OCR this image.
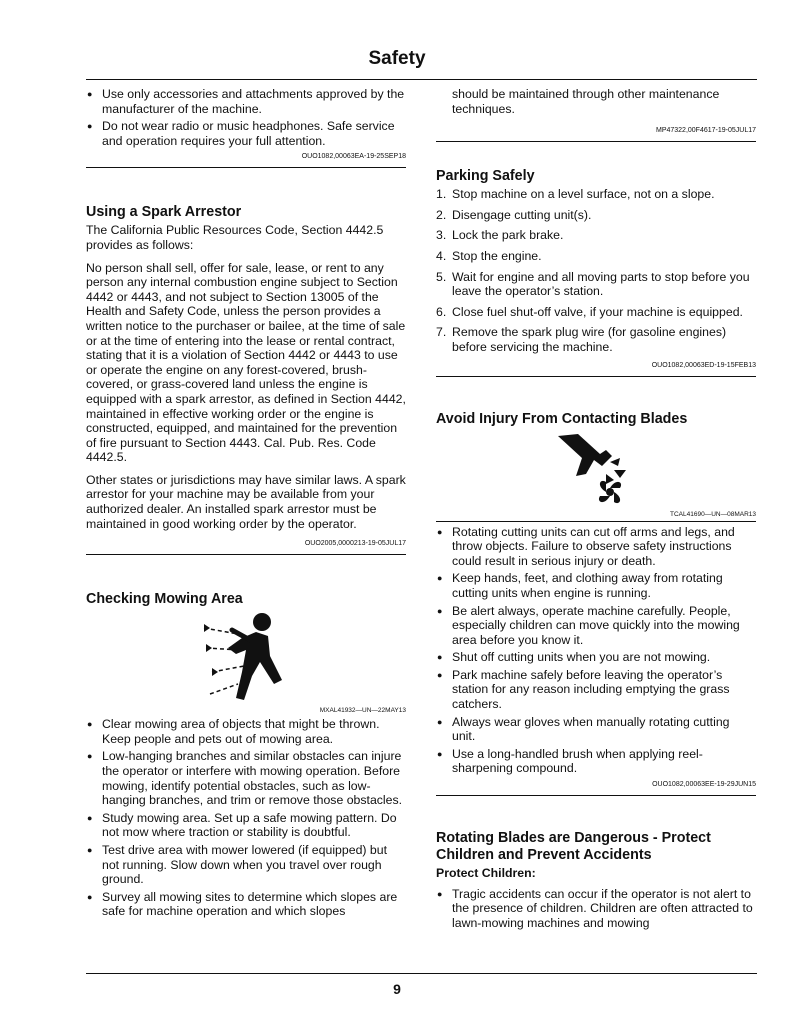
Safety
● Use only accessories and attachments approved by the manufacturer of the machine.
● Do not wear radio or music headphones. Safe service and operation requires your full attention.
OUO1082,00063EA-19-25SEP18
Using a Spark Arrestor

The California Public Resources Code, Section 4442.5 provides as follows:

No person shall sell, offer for sale, lease, or rent to any person any internal combustion engine subject to Section 4442 or 4443, and not subject to Section 13005 of the Health and Safety Code, unless the person provides a written notice to the purchaser or bailee, at the time of sale or at the time of entering into the lease or rental contract, stating that it is a violation of Section 4442 or 4443 to use or operate the engine on any forest-covered, brush-covered, or grass-covered land unless the engine is equipped with a spark arrestor, as defined in Section 4442, maintained in effective working order or the engine is constructed, equipped, and maintained for the prevention of fire pursuant to Section 4443. Cal. Pub. Res. Code 4442.5.

Other states or jurisdictions may have similar laws. A spark arrestor for your machine may be available from your authorized dealer. An installed spark arrestor must be maintained in good working order by the operator.

OUO2005,0000213-19-05JUL17
Checking Mowing Area
MXAL41932—UN—22MAY13
● Clear mowing area of objects that might be thrown. Keep people and pets out of mowing area.
● Low-hanging branches and similar obstacles can injure the operator or interfere with mowing operation. Before mowing, identify potential obstacles, such as low-hanging branches, and trim or remove those obstacles.
● Study mowing area. Set up a safe mowing pattern. Do not mow where traction or stability is doubtful.
● Test drive area with mower lowered (if equipped) but not running. Slow down when you travel over rough ground.
● Survey all mowing sites to determine which slopes are safe for machine operation and which slopes

should be maintained through other maintenance techniques.

MP47322,00F4617-19-05JUL17
Parking Safely
1. Stop machine on a level surface, not on a slope.
2. Disengage cutting unit(s).
3. Lock the park brake.
4. Stop the engine.
5. Wait for engine and all moving parts to stop before you leave the operator’s station.
6. Close fuel shut-off valve, if your machine is equipped.
7. Remove the spark plug wire (for gasoline engines) before servicing the machine.
OUO1082,00063ED-19-15FEB13
Avoid Injury From Contacting Blades
TCAL41690—UN—08MAR13
● Rotating cutting units can cut off arms and legs, and throw objects. Failure to observe safety instructions could result in serious injury or death.
● Keep hands, feet, and clothing away from rotating cutting units when engine is running.
● Be alert always, operate machine carefully. People, especially children can move quickly into the mowing area before you know it.
● Shut off cutting units when you are not mowing.
● Park machine safely before leaving the operator’s station for any reason including emptying the grass catchers.
● Always wear gloves when manually rotating cutting unit.
● Use a long-handled brush when applying reel-sharpening compound.
OUO1082,00063EE-19-29JUN15
Rotating Blades are Dangerous - Protect Children and Prevent Accidents
Protect Children:
● Tragic accidents can occur if the operator is not alert to the presence of children. Children are often attracted to lawn-mowing machines and mowing
9
